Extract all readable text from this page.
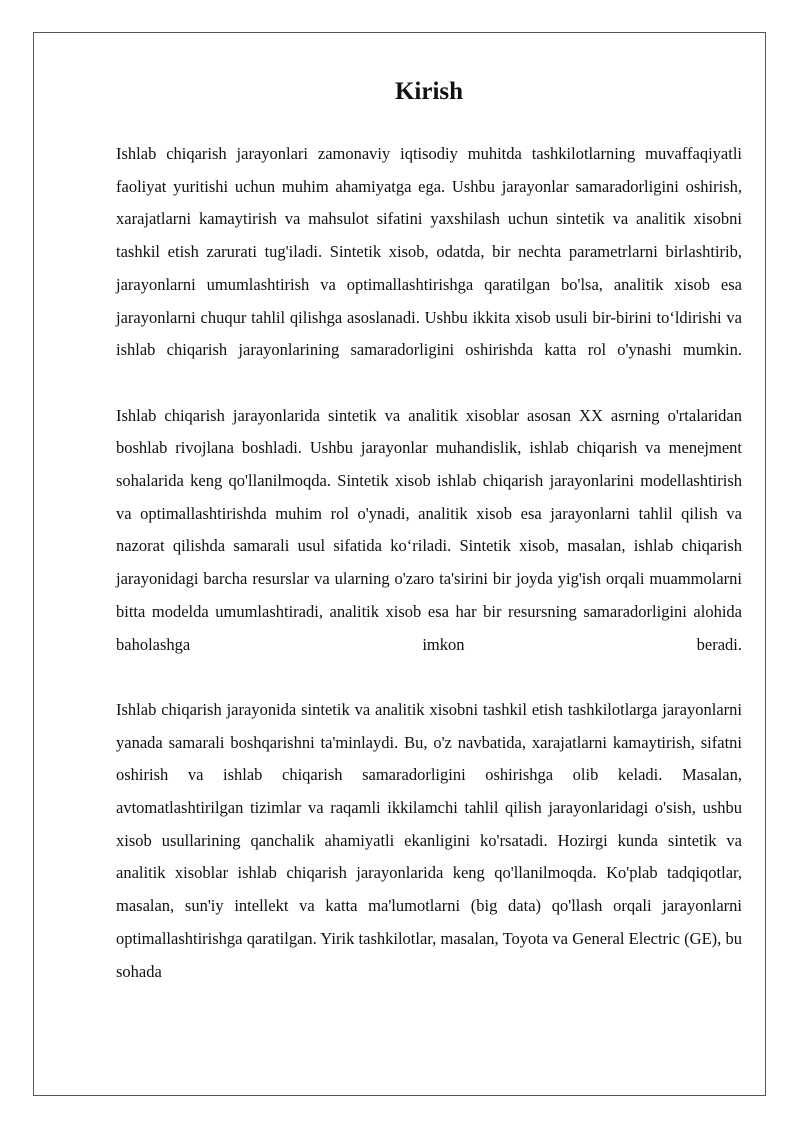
Kirish

Ishlab chiqarish jarayonlari zamonaviy iqtisodiy muhitda tashkilotlarning muvaffaqiyatli faoliyat yuritishi uchun muhim ahamiyatga ega. Ushbu jarayonlar samaradorligini oshirish, xarajatlarni kamaytirish va mahsulot sifatini yaxshilash uchun sintetik va analitik xisobni tashkil etish zarurati tug'iladi. Sintetik xisob, odatda, bir nechta parametrlarni birlashtirib, jarayonlarni umumlashtirish va optimallashtirishga qaratilgan bo'lsa, analitik xisob esa jarayonlarni chuqur tahlil qilishga asoslanadi. Ushbu ikkita xisob usuli bir-birini to‘ldirishi va ishlab chiqarish jarayonlarining samaradorligini oshirishda katta rol o'ynashi mumkin.

Ishlab chiqarish jarayonlarida sintetik va analitik xisoblar asosan XX asrning o'rtalaridan boshlab rivojlana boshladi. Ushbu jarayonlar muhandislik, ishlab chiqarish va menejment sohalarida keng qo'llanilmoqda. Sintetik xisob ishlab chiqarish jarayonlarini modellashtirish va optimallashtirishda muhim rol o'ynadi, analitik xisob esa jarayonlarni tahlil qilish va nazorat qilishda samarali usul sifatida ko‘riladi. Sintetik xisob, masalan, ishlab chiqarish jarayonidagi barcha resurslar va ularning o'zaro ta'sirini bir joyda yig'ish orqali muammolarni bitta modelda umumlashtiradi, analitik xisob esa har bir resursning samaradorligini alohida baholashga imkon beradi.

Ishlab chiqarish jarayonida sintetik va analitik xisobni tashkil etish tashkilotlarga jarayonlarni yanada samarali boshqarishni ta'minlaydi. Bu, o'z navbatida, xarajatlarni kamaytirish, sifatni oshirish va ishlab chiqarish samaradorligini oshirishga olib keladi. Masalan, avtomatlashtirilgan tizimlar va raqamli ikkilamchi tahlil qilish jarayonlaridagi o'sish, ushbu xisob usullarining qanchalik ahamiyatli ekanligini ko'rsatadi. Hozirgi kunda sintetik va analitik xisoblar ishlab chiqarish jarayonlarida keng qo'llanilmoqda. Ko'plab tadqiqotlar, masalan, sun'iy intellekt va katta ma'lumotlarni (big data) qo'llash orqali jarayonlarni optimallashtirishga qaratilgan. Yirik tashkilotlar, masalan, Toyota va General Electric (GE), bu sohada
